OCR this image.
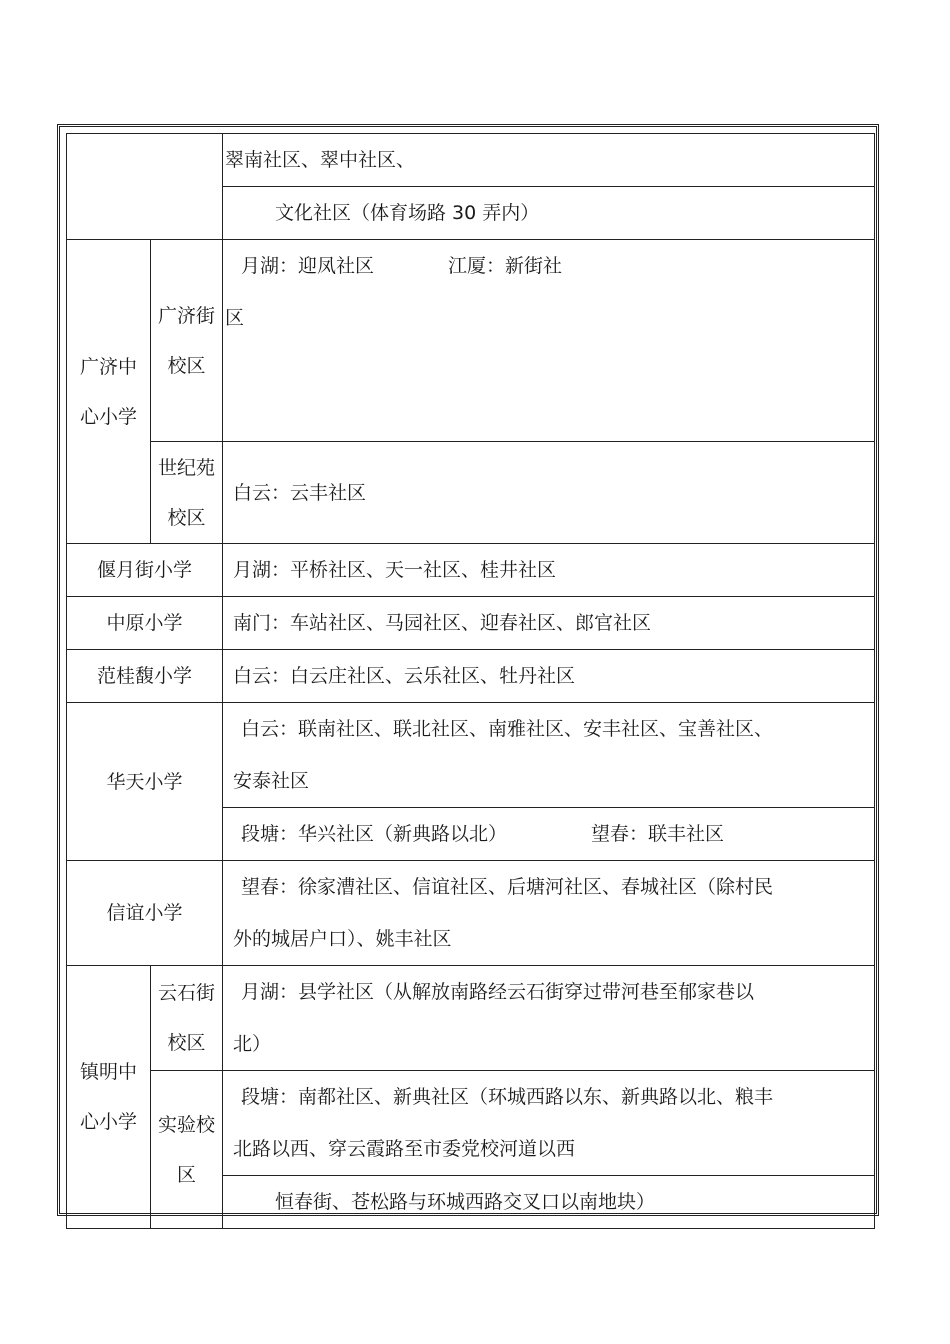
		翠南社区、翠中社区、
		文化社区（体育场路 30 弄内）
广济中心小学	广济街校区	月湖：迎凤社区 江厦：新街社
区

	世纪苑校区	白云：云丰社区
偃月街小学		月湖：平桥社区、天一社区、桂井社区
中原小学		南门：车站社区、马园社区、迎春社区、郎官社区
范桂馥小学		白云：白云庄社区、云乐社区、牡丹社区
华天小学		白云：联南社区、联北社区、南雅社区、安丰社区、宝善社区、
安泰社区

		段塘：华兴社区（新典路以北） 望春：联丰社区
信谊小学		望春：徐家漕社区、信谊社区、后塘河社区、春城社区（除村民
外的城居户口）、姚丰社区

镇明中心小学	云石街校区	月湖：县学社区（从解放南路经云石街穿过带河巷至郁家巷以
北）

	实验校区	段塘：南都社区、新典社区（环城西路以东、新典路以北、粮丰
北路以西、穿云霞路至市委党校河道以西

		恒春街、苍松路与环城西路交叉口以南地块）
